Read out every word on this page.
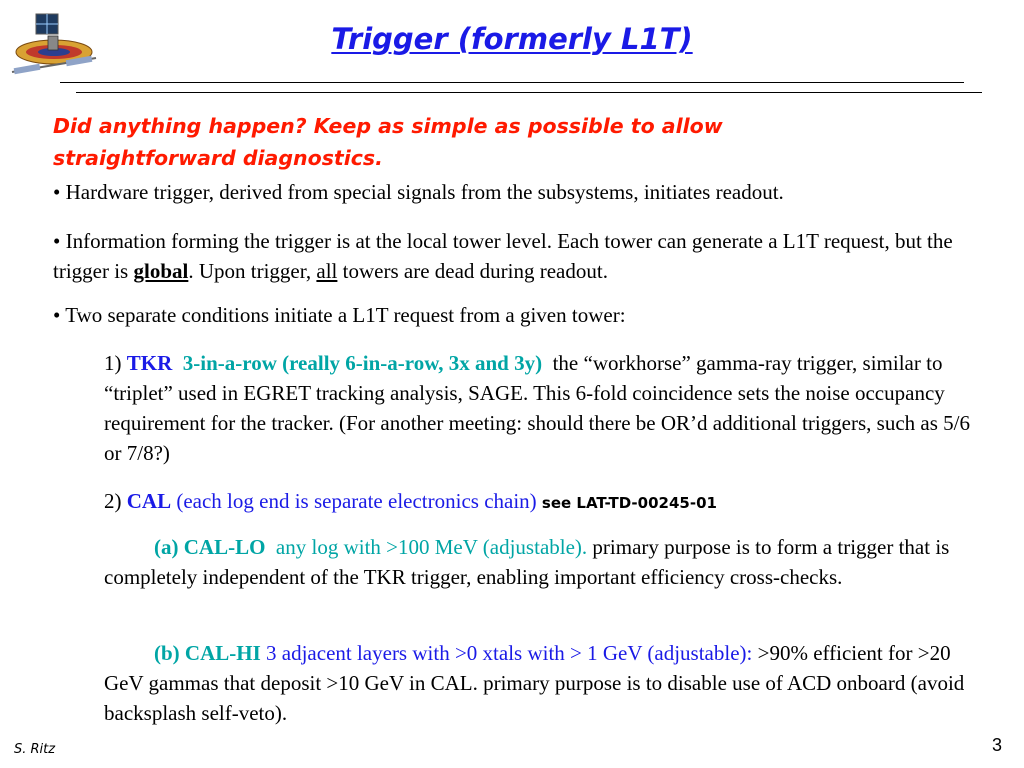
Trigger (formerly L1T)
Did anything happen? Keep as simple as possible to allow
straightforward diagnostics.

• Hardware trigger, derived from special signals from the subsystems, initiates readout.

• Information forming the trigger is at the local tower level. Each tower can generate a L1T request, but the trigger is global. Upon trigger, all towers are dead during readout.

• Two separate conditions initiate a L1T request from a given tower:

1) TKR 3-in-a-row (really 6-in-a-row, 3x and 3y)  the “workhorse” gamma-ray trigger, similar to “triplet” used in EGRET tracking analysis, SAGE. This 6-fold coincidence sets the noise occupancy requirement for the tracker. (For another meeting: should there be OR’d additional triggers, such as 5/6 or 7/8?)

2) CAL (each log end is separate electronics chain) see LAT-TD-00245-01

(a) CAL-LO any log with >100 MeV (adjustable). primary purpose is to form a trigger that is completely independent of the TKR trigger, enabling important efficiency cross-checks.

(b) CAL-HI 3 adjacent layers with >0 xtals with > 1 GeV (adjustable): >90% efficient for >20 GeV gammas that deposit >10 GeV in CAL. primary purpose is to disable use of ACD onboard (avoid backsplash self-veto).

S. Ritz	3
